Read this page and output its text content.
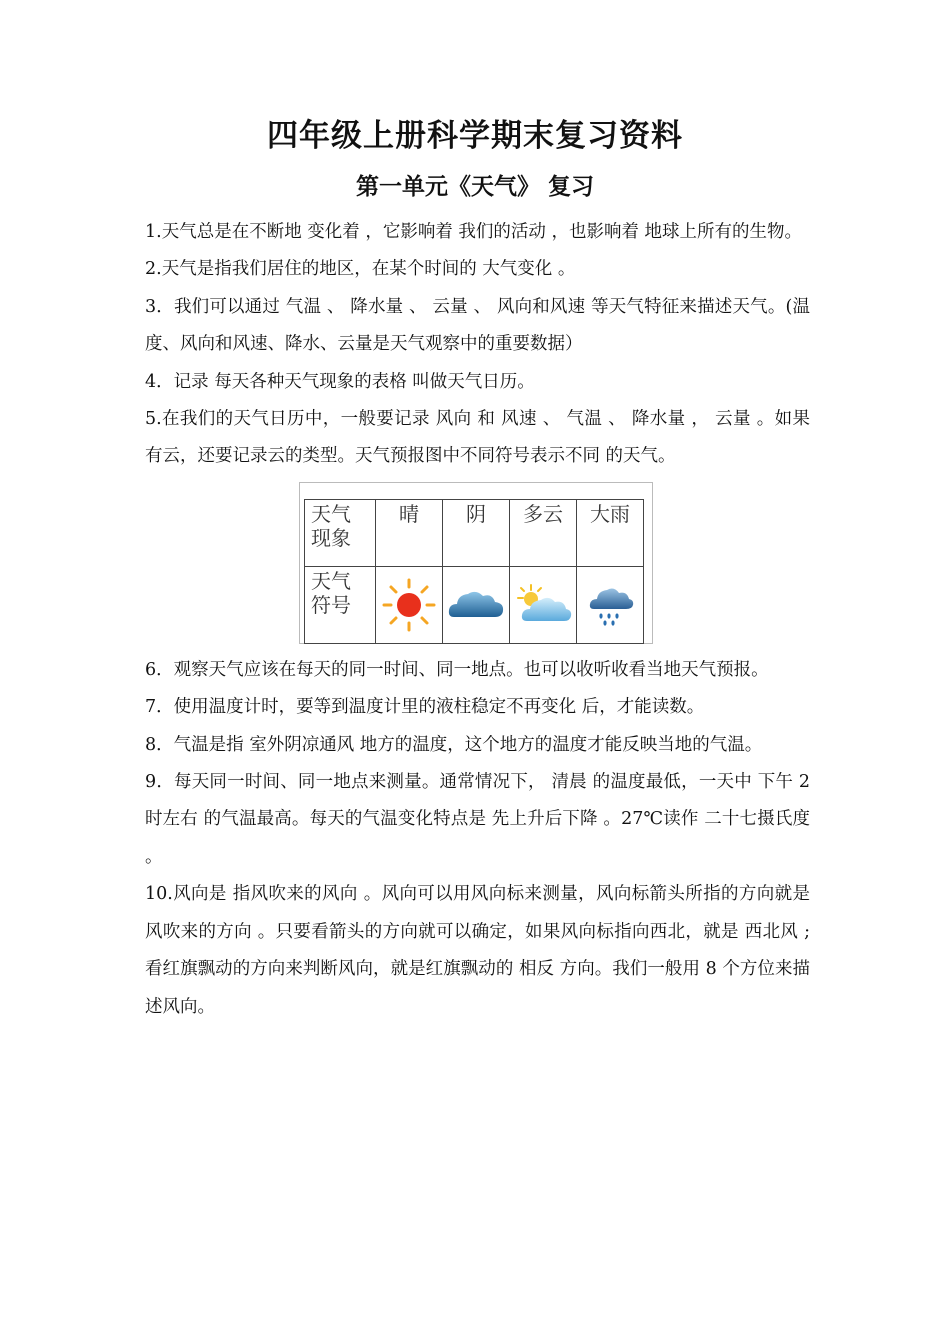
四年级上册科学期末复习资料
第一单元《天气》 复习

1.天气总是在不断地 变化着 ，它影响着 我们的活动 ，也影响着 地球上所有的生物。

2.天气是指我们居住的地区，在某个时间的 大气变化 。

3．我们可以通过 气温 、 降水量 、 云量 、 风向和风速 等天气特征来描述天气。(温度、风向和风速、降水、云量是天气观察中的重要数据）

4．记录 每天各种天气现象的表格 叫做天气日历。

5.在我们的天气日历中，一般要记录 风向 和 风速 、 气温 、 降水量 ， 云量 。如果有云，还要记录云的类型。天气预报图中不同符号表示不同 的天气。

天气现象	晴	阴	多云	大雨
天气符号	

6．观察天气应该在每天的同一时间、同一地点。也可以收听收看当地天气预报。

7．使用温度计时，要等到温度计里的液柱稳定不再变化 后，才能读数。

8．气温是指 室外阴凉通风 地方的温度，这个地方的温度才能反映当地的气温。

9．每天同一时间、同一地点来测量。通常情况下， 清晨 的温度最低，一天中 下午 2 时左右 的气温最高。每天的气温变化特点是 先上升后下降 。27℃读作 二十七摄氏度 。

10.风向是 指风吹来的风向 。风向可以用风向标来测量，风向标箭头所指的方向就是 风吹来的方向 。只要看箭头的方向就可以确定，如果风向标指向西北，就是 西北风 ;看红旗飘动的方向来判断风向，就是红旗飘动的 相反 方向。我们一般用 8 个方位来描述风向。
